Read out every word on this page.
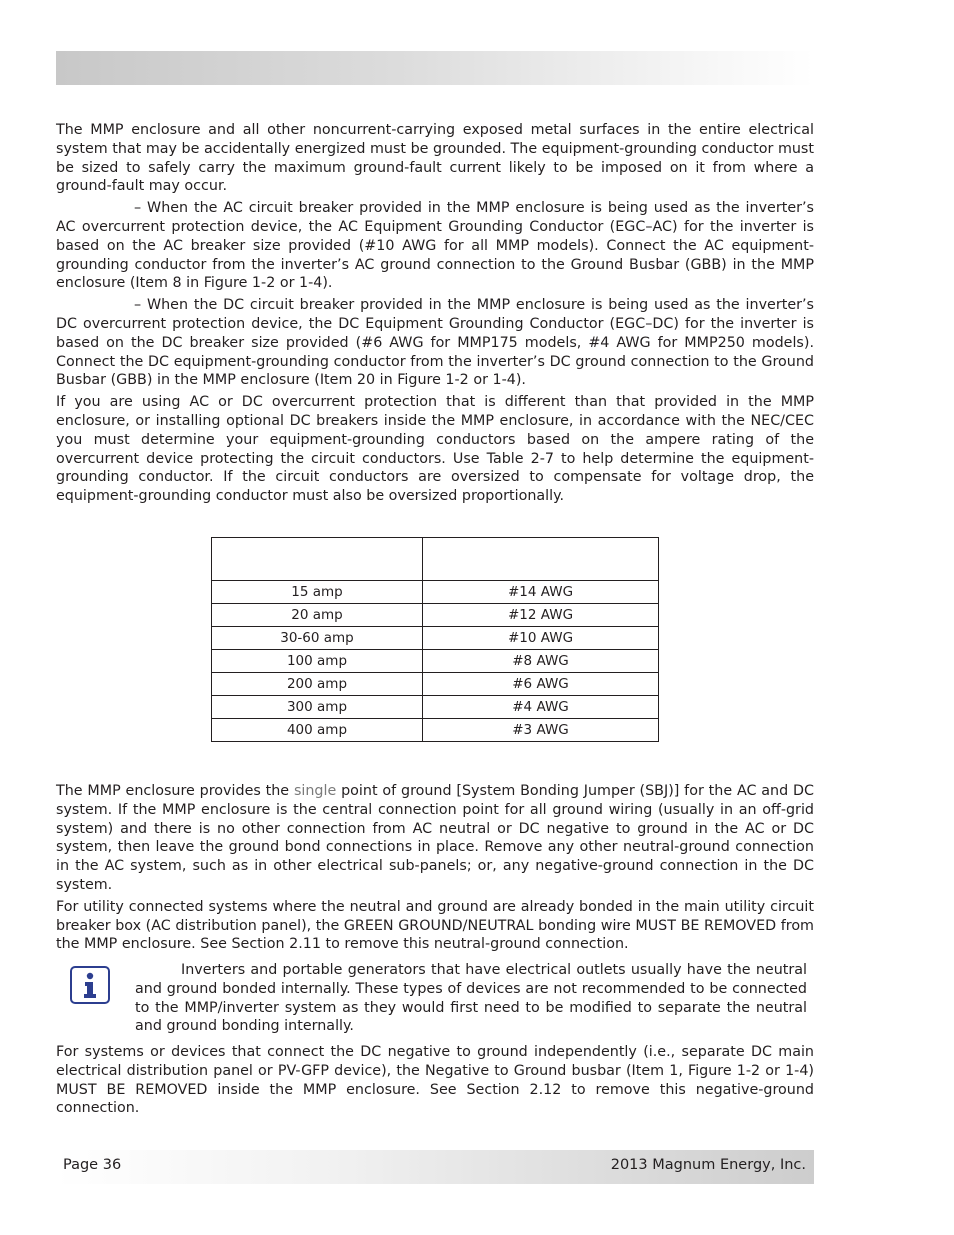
The MMP enclosure and all other noncurrent-carrying exposed metal surfaces in the entire electrical system that may be accidentally energized must be grounded. The equipment-grounding conductor must be sized to safely carry the maximum ground-fault current likely to be imposed on it from where a ground-fault may occur.

– When the AC circuit breaker provided in the MMP enclosure is being used as the inverter’s AC overcurrent protection device, the AC Equipment Grounding Conductor (EGC–AC) for the inverter is based on the AC breaker size provided (#10 AWG for all MMP models). Connect the AC equipment-grounding conductor from the inverter’s AC ground connection to the Ground Busbar (GBB) in the MMP enclosure (Item 8 in Figure 1-2 or 1-4).

– When the DC circuit breaker provided in the MMP enclosure is being used as the inverter’s DC overcurrent protection device, the DC Equipment Grounding Conductor (EGC–DC) for the inverter is based on the DC breaker size provided (#6 AWG for MMP175 models, #4 AWG for MMP250 models). Connect the DC equipment-grounding conductor from the inverter’s DC ground connection to the Ground Busbar (GBB) in the MMP enclosure (Item 20 in Figure 1-2 or 1-4).

If you are using AC or DC overcurrent protection that is different than that provided in the MMP enclosure, or installing optional DC breakers inside the MMP enclosure, in accordance with the NEC/CEC you must determine your equipment-grounding conductors based on the ampere rating of the overcurrent device protecting the circuit conductors. Use Table 2-7 to help determine the equipment-grounding conductor. If the circuit conductors are oversized to compensate for voltage drop, the equipment-grounding conductor must also be oversized proportionally.

15 amp	#14 AWG
20 amp	#12 AWG
30-60 amp	#10 AWG
100 amp	#8 AWG
200 amp	#6 AWG
300 amp	#4 AWG
400 amp	#3 AWG

The MMP enclosure provides the single point of ground [System Bonding Jumper (SBJ)] for the AC and DC system. If the MMP enclosure is the central connection point for all ground wiring (usually in an off-grid system) and there is no other connection from AC neutral or DC negative to ground in the AC or DC system, then leave the ground bond connections in place. Remove any other neutral-ground connection in the AC system, such as in other electrical sub-panels; or, any negative-ground connection in the DC system.

For utility connected systems where the neutral and ground are already bonded in the main utility circuit breaker box (AC distribution panel), the GREEN GROUND/NEUTRAL bonding wire MUST BE REMOVED from the MMP enclosure. See Section 2.11 to remove this neutral-ground connection.

Inverters and portable generators that have electrical outlets usually have the neutral and ground bonded internally. These types of devices are not recommended to be connected to the MMP/inverter system as they would first need to be modified to separate the neutral and ground bonding internally.

For systems or devices that connect the DC negative to ground independently (i.e., separate DC main electrical distribution panel or PV-GFP device), the Negative to Ground busbar (Item 1, Figure 1-2 or 1-4) MUST BE REMOVED inside the MMP enclosure. See Section 2.12 to remove this negative-ground connection.

Page 36	2013 Magnum Energy, Inc.
